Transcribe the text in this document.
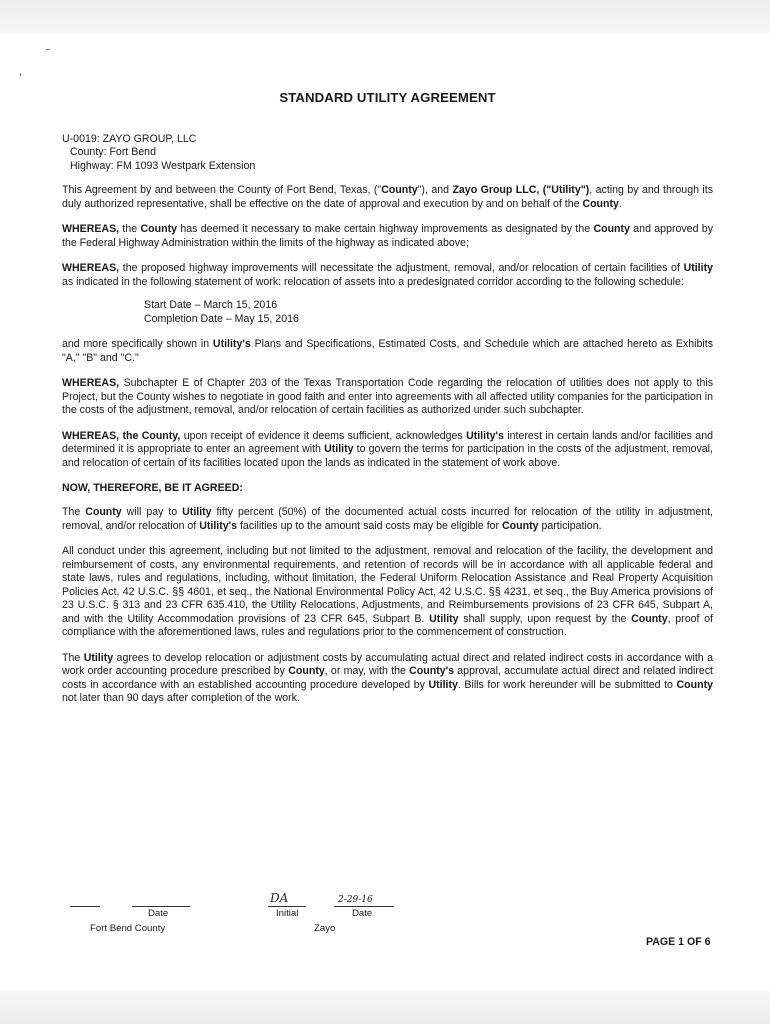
STANDARD UTILITY AGREEMENT
U-0019: ZAYO GROUP, LLC
County: Fort Bend
Highway: FM 1093 Westpark Extension

This Agreement by and between the County of Fort Bend, Texas, ("County"), and Zayo Group LLC, ("Utility"), acting by and through its duly authorized representative, shall be effective on the date of approval and execution by and on behalf of the County.

WHEREAS, the County has deemed it necessary to make certain highway improvements as designated by the County and approved by the Federal Highway Administration within the limits of the highway as indicated above;

WHEREAS, the proposed highway improvements will necessitate the adjustment, removal, and/or relocation of certain facilities of Utility as indicated in the following statement of work: relocation of assets into a predesignated corridor according to the following schedule:

Start Date – March 15, 2016
Completion Date – May 15, 2016

and more specifically shown in Utility's Plans and Specifications, Estimated Costs, and Schedule which are attached hereto as Exhibits "A," "B" and "C."

WHEREAS, Subchapter E of Chapter 203 of the Texas Transportation Code regarding the relocation of utilities does not apply to this Project, but the County wishes to negotiate in good faith and enter into agreements with all affected utility companies for the participation in the costs of the adjustment, removal, and/or relocation of certain facilities as authorized under such subchapter.

WHEREAS, the County, upon receipt of evidence it deems sufficient, acknowledges Utility's interest in certain lands and/or facilities and determined it is appropriate to enter an agreement with Utility to govern the terms for participation in the costs of the adjustment, removal, and relocation of certain of its facilities located upon the lands as indicated in the statement of work above.

NOW, THEREFORE, BE IT AGREED:

The County will pay to Utility fifty percent (50%) of the documented actual costs incurred for relocation of the utility in adjustment, removal, and/or relocation of Utility's facilities up to the amount said costs may be eligible for County participation.

All conduct under this agreement, including but not limited to the adjustment, removal and relocation of the facility, the development and reimbursement of costs, any environmental requirements, and retention of records will be in accordance with all applicable federal and state laws, rules and regulations, including, without limitation, the Federal Uniform Relocation Assistance and Real Property Acquisition Policies Act, 42 U.S.C. §§ 4601, et seq., the National Environmental Policy Act, 42 U.S.C. §§ 4231, et seq., the Buy America provisions of 23 U.S.C. § 313 and 23 CFR 635.410, the Utility Relocations, Adjustments, and Reimbursements provisions of 23 CFR 645, Subpart A, and with the Utility Accommodation provisions of 23 CFR 645, Subpart B. Utility shall supply, upon request by the County, proof of compliance with the aforementioned laws, rules and regulations prior to the commencement of construction.

The Utility agrees to develop relocation or adjustment costs by accumulating actual direct and related indirect costs in accordance with a work order accounting procedure prescribed by County, or may, with the County's approval, accumulate actual direct and related indirect costs in accordance with an established accounting procedure developed by Utility. Bills for work hereunder will be submitted to County not later than 90 days after completion of the work.

Date
Fort Bend County
DA
Initial
2-29-16
Date
Zayo
PAGE 1 OF 6
